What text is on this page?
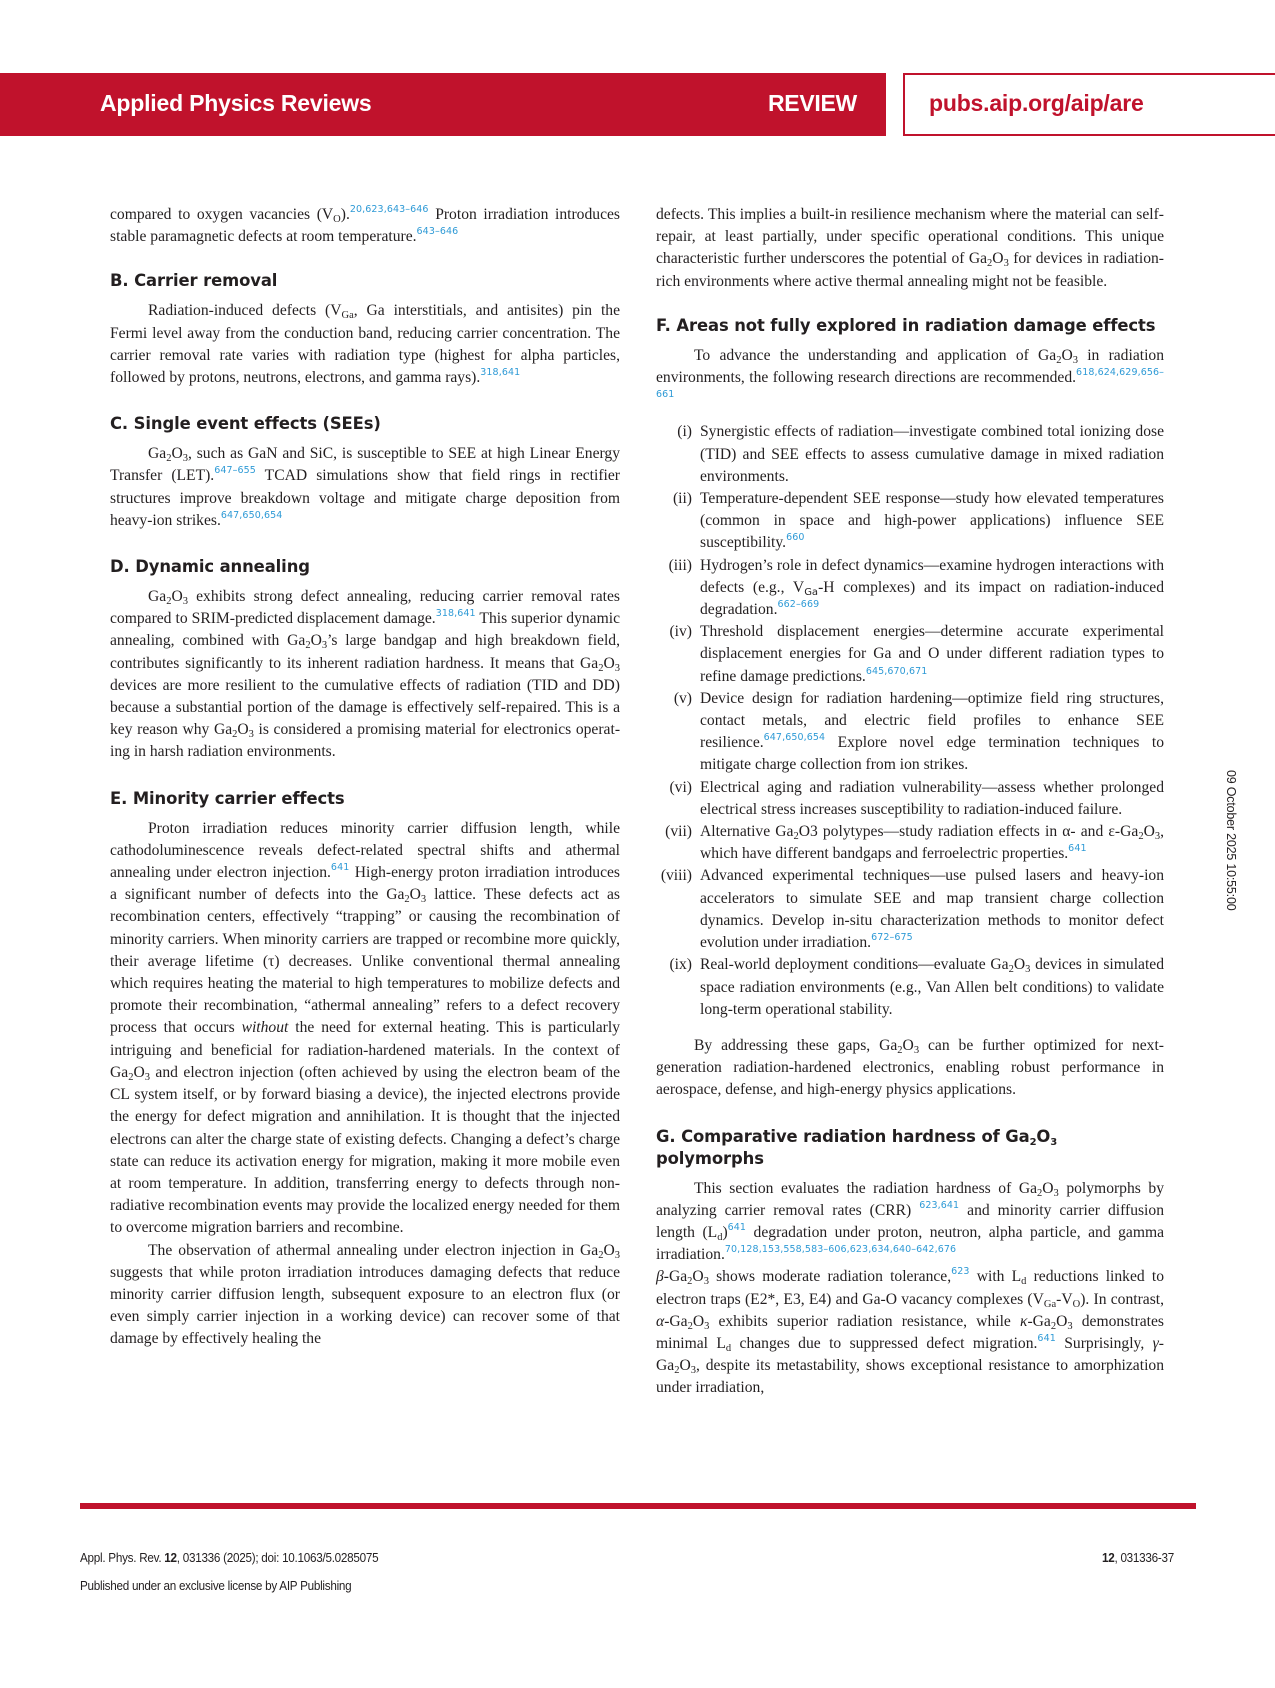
Applied Physics Reviews	REVIEW	pubs.aip.org/aip/are

compared to oxygen vacancies $(V_O).^{20,623,643-646}$ Proton irradiation introduces stable paramagnetic defects at room temperature.$^{643-646}$

B. Carrier removal

Radiation-induced defects ($V_{Ga}$, Ga interstitials, and antisites) pin the Fermi level away from the conduction band, reducing carrier concentration. The carrier removal rate varies with radiation type (highest for alpha particles, followed by protons, neutrons, electrons, and gamma rays).$^{318,641}$

C. Single event effects (SEEs)

$Ga_2O_3$, such as GaN and SiC, is susceptible to SEE at high Linear Energy Transfer (LET).$^{647-655}$ TCAD simulations show that field rings in rectifier structures improve breakdown voltage and mitigate charge deposition from heavy-ion strikes.$^{647,650,654}$

D. Dynamic annealing

$Ga_2O_3$ exhibits strong defect annealing, reducing carrier removal rates compared to SRIM-predicted displacement damage.$^{318,641}$ This superior dynamic annealing, combined with $Ga_2O_3’s$ large bandgap and high breakdown field, contributes significantly to its inherent radiation hardness. It means that $Ga_2O_3$ devices are more resilient to the cumulative effects of radiation (TID and DD) because a substantial portion of the damage is effectively self-repaired. This is a key reason why $Ga_2O_3$ is considered a promising material for electronics operating in harsh radiation environments.

E. Minority carrier effects

Proton irradiation reduces minority carrier diffusion length, while cathodoluminescence reveals defect-related spectral shifts and athermal annealing under electron injection.$^{641}$ High-energy proton irradiation introduces a significant number of defects into the $Ga_2O_3$ lattice. These defects act as recombination centers, effectively “trapping” or causing the recombination of minority carriers. When minority carriers are trapped or recombine more quickly, their average lifetime (τ) decreases. Unlike conventional thermal annealing which requires heating the material to high temperatures to mobilize defects and promote their recombination, “athermal annealing” refers to a defect recovery process that occurs without the need for external heating. This is particularly intriguing and beneficial for radiation-hardened materials. In the context of $Ga_2O_3$ and electron injection (often achieved by using the electron beam of the CL system itself, or by forward biasing a device), the injected electrons provide the energy for defect migration and annihilation. It is thought that the injected electrons can alter the charge state of existing defects. Changing a defect’s charge state can reduce its activation energy for migration, making it more mobile even at room temperature. In addition, transferring energy to defects through non-radiative recombination events may provide the localized energy needed for them to overcome migration barriers and recombine.

The observation of athermal annealing under electron injection in $Ga_2O_3$ suggests that while proton irradiation introduces damaging defects that reduce minority carrier diffusion length, subsequent exposure to an electron flux (or even simply carrier injection in a working device) can recover some of that damage by effectively healing the

defects. This implies a built-in resilience mechanism where the material can self-repair, at least partially, under specific operational conditions. This unique characteristic further underscores the potential of $Ga_2O_3$ for devices in radiation-rich environments where active thermal annealing might not be feasible.

F. Areas not fully explored in radiation damage effects

To advance the understanding and application of $Ga_2O_3$ in radiation environments, the following research directions are recommended.$^{618,624,629,656-661}$

(i) Synergistic effects of radiation—investigate combined total ionizing dose (TID) and SEE effects to assess cumulative damage in mixed radiation environments.
(ii) Temperature-dependent SEE response—study how elevated temperatures (common in space and high-power applications) influence SEE susceptibility.$^{660}$
(iii) Hydrogen’s role in defect dynamics—examine hydrogen interactions with defects (e.g., $V_{Ga}-H$ complexes) and its impact on radiation-induced degradation.$^{662-669}$
(iv) Threshold displacement energies—determine accurate experimental displacement energies for Ga and O under different radiation types to refine damage predictions.$^{645,670,671}$
(v) Device design for radiation hardening—optimize field ring structures, contact metals, and electric field profiles to enhance SEE resilience.$^{647,650,654}$ Explore novel edge termination techniques to mitigate charge collection from ion strikes.
(vi) Electrical aging and radiation vulnerability—assess whether prolonged electrical stress increases susceptibility to radiation-induced failure.
(vii) Alternative $Ga_2O3$ polytypes—study radiation effects in α- and $\varepsilon-Ga_2O_3$, which have different bandgaps and ferroelectric properties.$^{641}$
(viii) Advanced experimental techniques—use pulsed lasers and heavy-ion accelerators to simulate SEE and map transient charge collection dynamics. Develop in-situ characterization methods to monitor defect evolution under irradiation.$^{672-675}$
(ix) Real-world deployment conditions—evaluate $Ga_2O_3$ devices in simulated space radiation environments (e.g., Van Allen belt conditions) to validate long-term operational stability.

By addressing these gaps, $Ga_2O_3$ can be further optimized for next-generation radiation-hardened electronics, enabling robust performance in aerospace, defense, and high-energy physics applications.

G. Comparative radiation hardness of $Ga_2O_3$ polymorphs

This section evaluates the radiation hardness of $Ga_2O_3$ polymorphs by analyzing carrier removal rates (CRR) $^{623,641}$ and minority carrier diffusion length $(L_d)^{641}$ degradation under proton, neutron, alpha particle, and gamma irradiation.$^{70,128,153,558,583-606,623,634,640-642,676}$

$\beta-Ga_2O_3$ shows moderate radiation tolerance,$^{623}$ with $L_d$ reductions linked to electron traps (E2*, E3, E4) and Ga-O vacancy complexes $(V_{Ga}-V_O)$. In contrast, $\alpha-Ga_2O_3$ exhibits superior radiation resistance, while $\kappa-Ga_2O_3$ demonstrates minimal $L_d$ changes due to suppressed defect migration.$^{641}$ Surprisingly, $\gamma-Ga_2O_3$, despite its metastability, shows exceptional resistance to amorphization under irradiation,

09 October 2025 10:55:00
Appl. Phys. Rev. 12, 031336 (2025); doi: 10.1063/5.0285075	12, 031336-37
Published under an exclusive license by AIP Publishing
